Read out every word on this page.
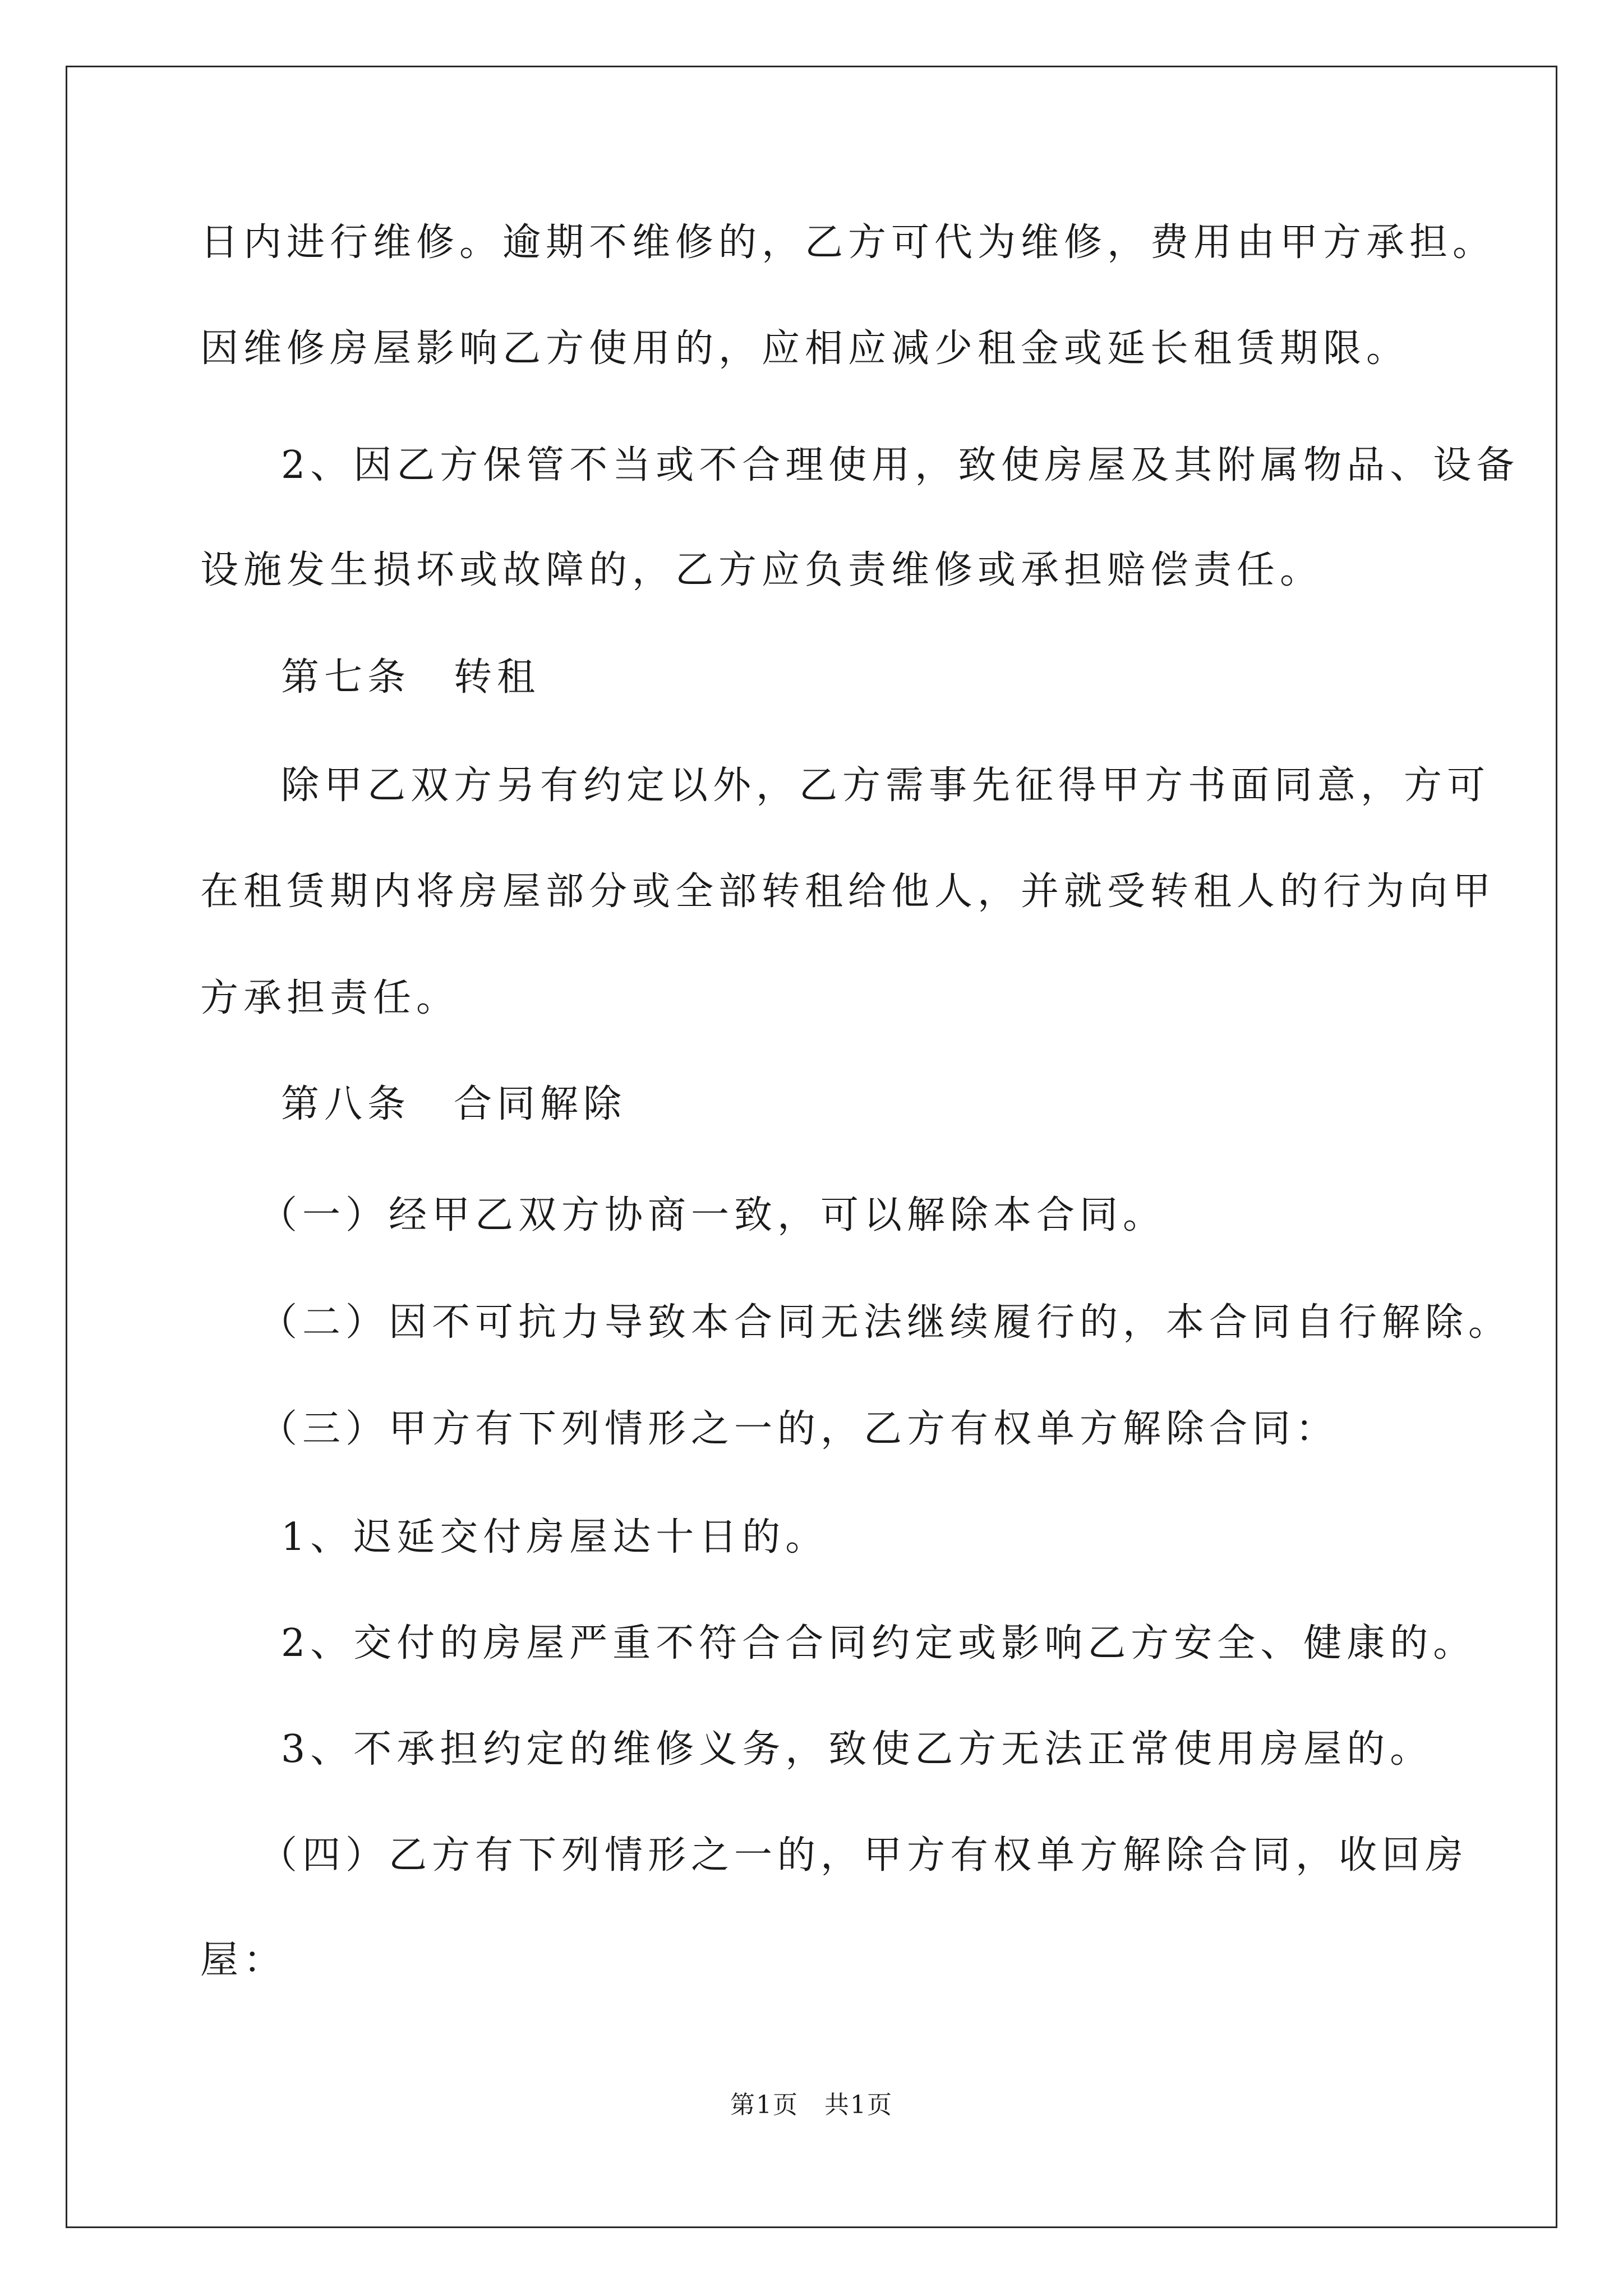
日内进行维修。逾期不维修的，乙方可代为维修，费用由甲方承担。
因维修房屋影响乙方使用的，应相应减少租金或延长租赁期限。
2、因乙方保管不当或不合理使用，致使房屋及其附属物品、设备
设施发生损坏或故障的，乙方应负责维修或承担赔偿责任。
第七条　转租
除甲乙双方另有约定以外，乙方需事先征得甲方书面同意，方可
在租赁期内将房屋部分或全部转租给他人，并就受转租人的行为向甲
方承担责任。
第八条　合同解除
（一）经甲乙双方协商一致，可以解除本合同。
（二）因不可抗力导致本合同无法继续履行的，本合同自行解除。
（三）甲方有下列情形之一的，乙方有权单方解除合同：
1、迟延交付房屋达十日的。
2、交付的房屋严重不符合合同约定或影响乙方安全、健康的。
3、不承担约定的维修义务，致使乙方无法正常使用房屋的。
（四）乙方有下列情形之一的，甲方有权单方解除合同，收回房
屋：
第1页　共1页
